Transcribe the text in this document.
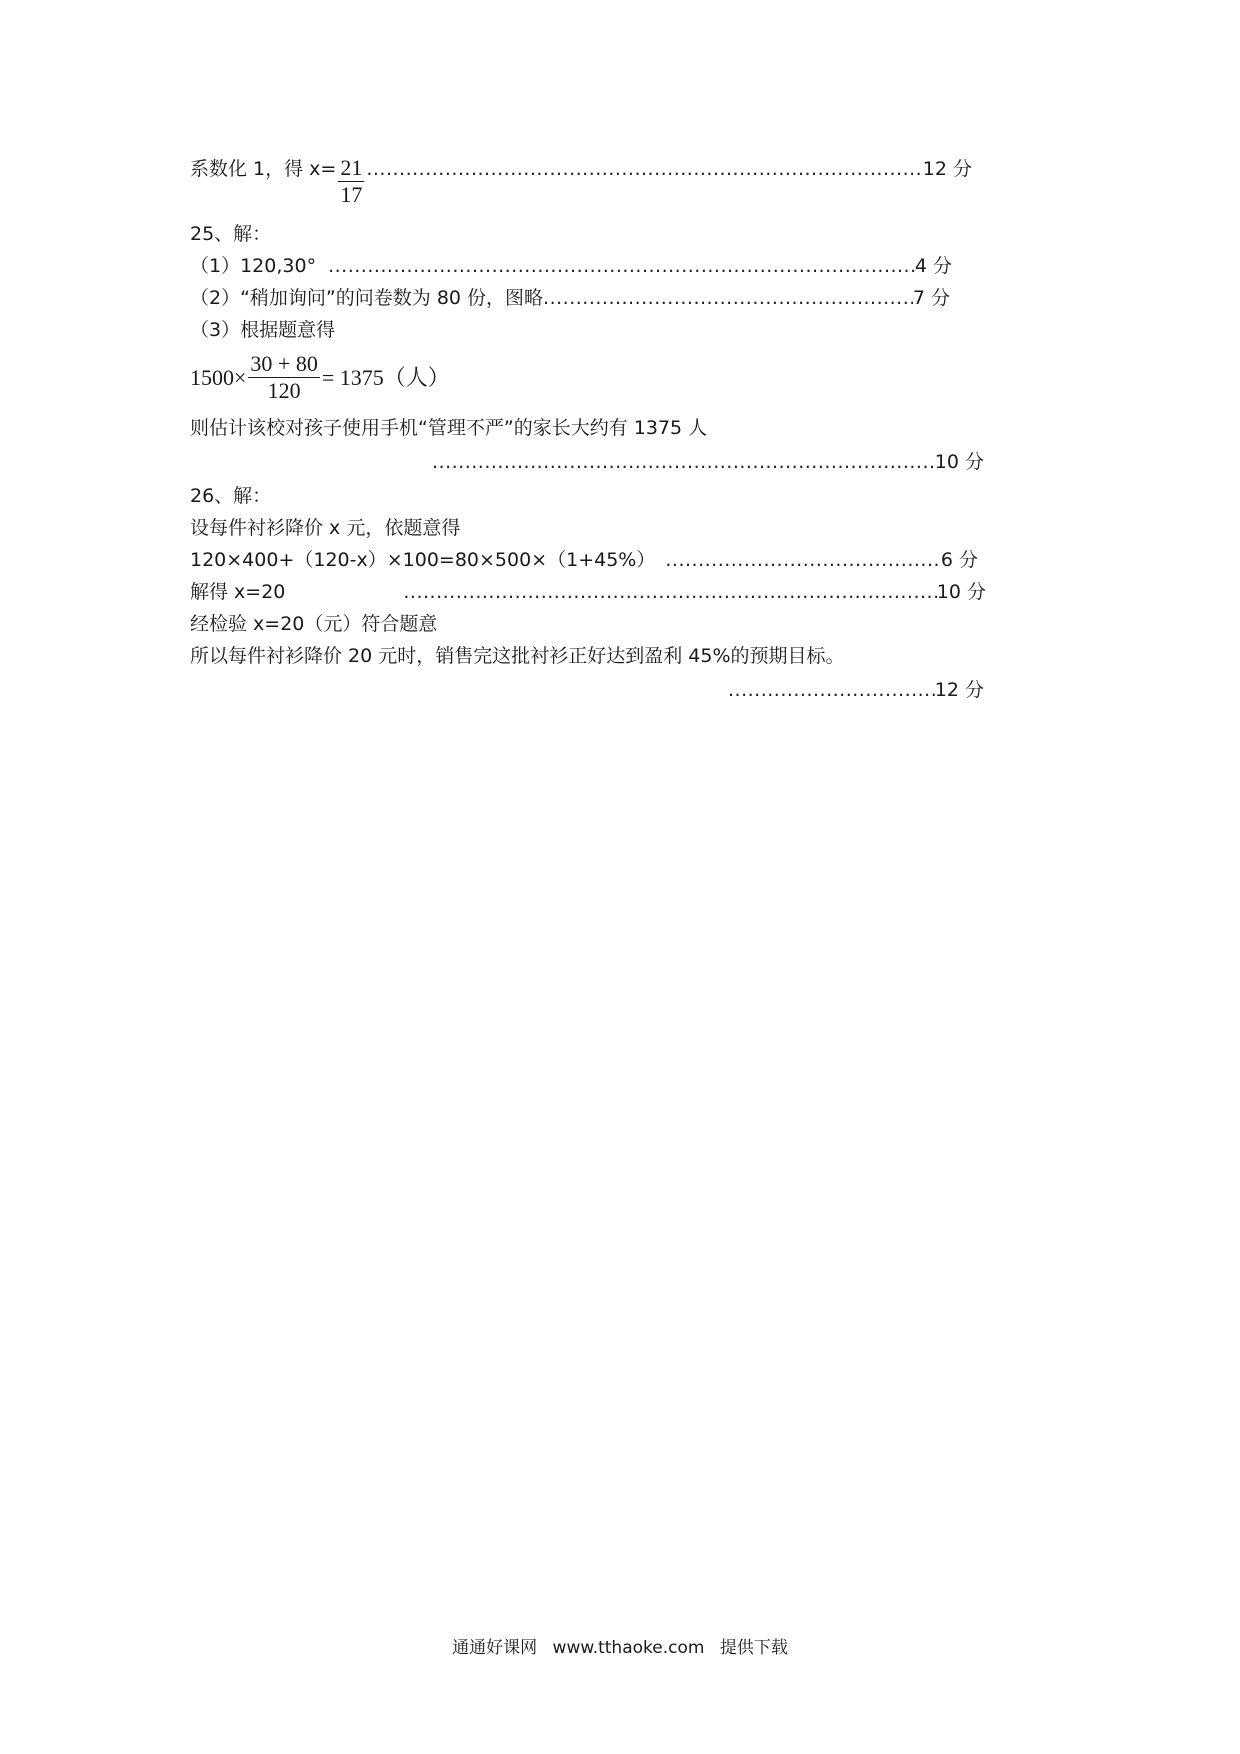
系数化 1，得 $x= \frac{21}{17}$ .....	12 分
25、解：
（1）120,30° .....	4 分
（2）“稍加询问”的问卷数为 80 份，图略 .....	7 分
（3）根据题意得
$1500\times \frac{30 + 80}{120} = 1375$（人）
则估计该校对孩子使用手机“管理不严”的家长大约有 1375 人
.....
10 分
26、解：
设每件衬衫降价 x 元，依题意得
120×400+（120-x）×100=80×500×（1+45%） .....	6 分
解得 x=20 .....	10 分
经检验 x=20（元）符合题意
所以每件衬衫降价 20 元时，销售完这批衬衫正好达到盈利 45%的预期目标。
.....
12 分
通通好课网 www.tthaoke.com 提供下载
